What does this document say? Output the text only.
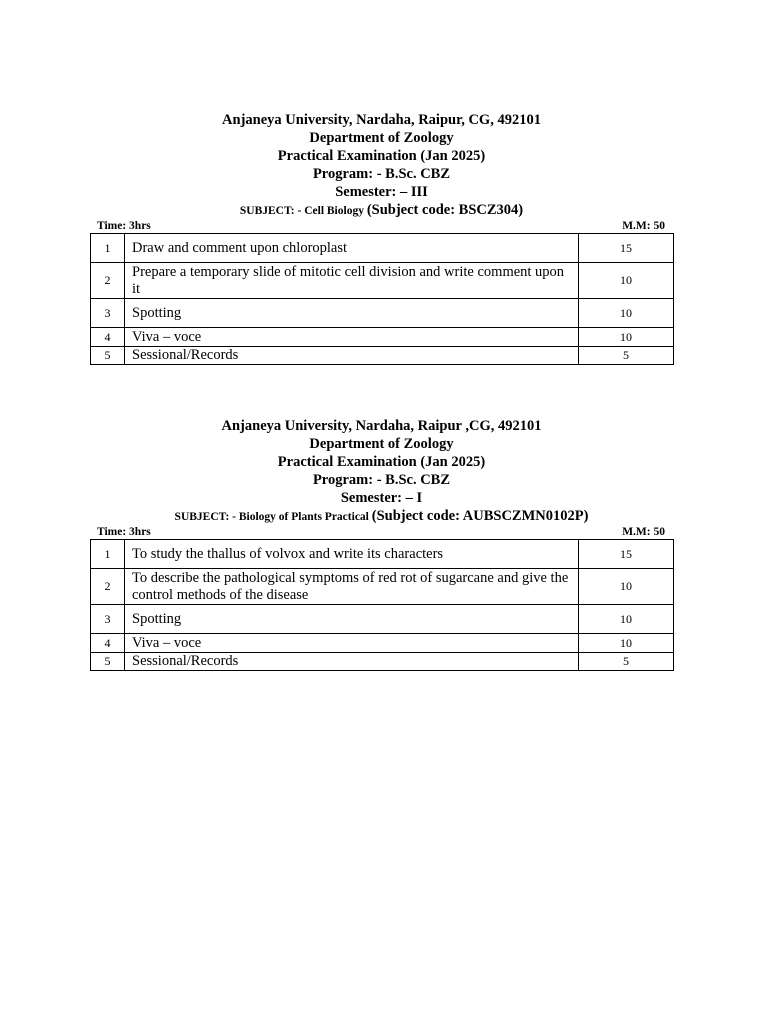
Anjaneya University, Nardaha, Raipur, CG, 492101
Department of Zoology
Practical Examination (Jan 2025)
Program: - B.Sc. CBZ
Semester: – III
SUBJECT: - Cell Biology (Subject code: BSCZ304)
Time: 3hrs	M.M: 50
1	Draw and comment upon chloroplast	15
2	Prepare a temporary slide of mitotic cell division and write comment upon it	10
3	Spotting	10
4	Viva – voce	10
5	Sessional/Records	5
Anjaneya University, Nardaha, Raipur ,CG, 492101
Department of Zoology
Practical Examination (Jan 2025)
Program: - B.Sc. CBZ
Semester: – I
SUBJECT: - Biology of Plants Practical (Subject code: AUBSCZMN0102P)
Time: 3hrs	M.M: 50
1	To study the thallus of volvox and write its characters	15
2	To describe the pathological symptoms of red rot of sugarcane and give the control methods of the disease	10
3	Spotting	10
4	Viva – voce	10
5	Sessional/Records	5
